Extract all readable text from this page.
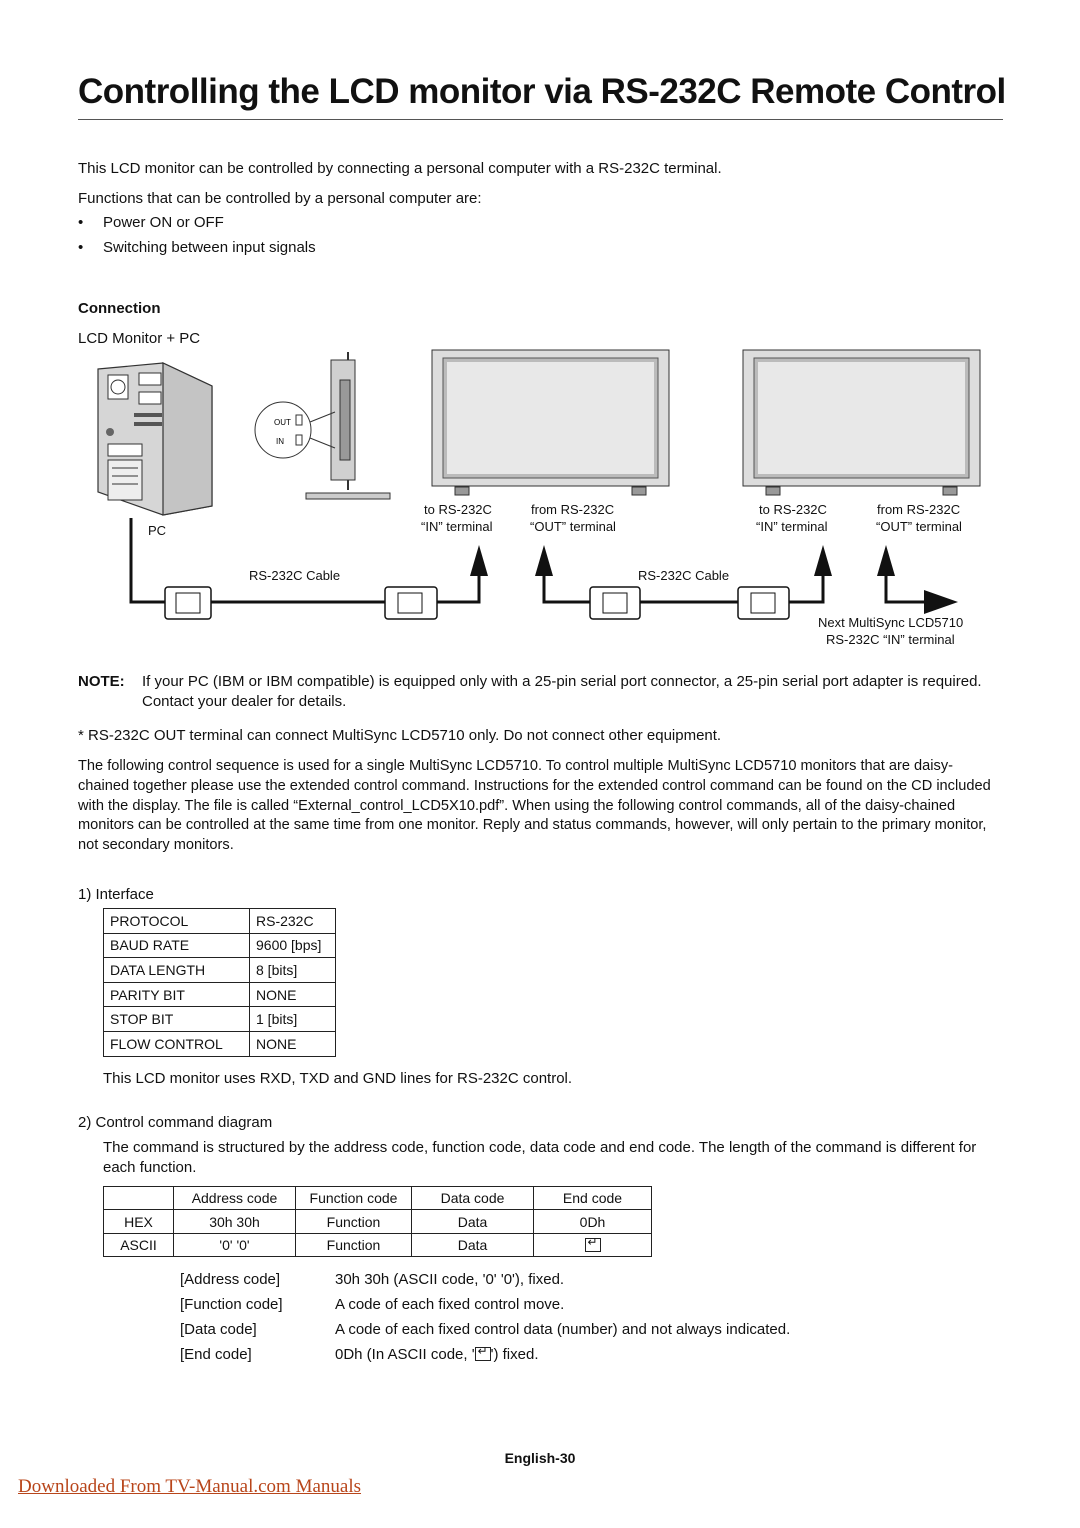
Controlling the LCD monitor via RS-232C Remote Control
This LCD monitor can be controlled by connecting a personal computer with a RS-232C terminal.
Functions that can be controlled by a personal computer are:
• Power ON or OFF
• Switching between input signals
Connection
LCD Monitor + PC
OUT
IN
PC
to RS-232C
“IN” terminal
from RS-232C
“OUT” terminal
to RS-232C
“IN” terminal
from RS-232C
“OUT” terminal
RS-232C Cable	RS-232C Cable
Next MultiSync LCD5710
RS-232C “IN” terminal
NOTE: If your PC (IBM or IBM compatible) is equipped only with a 25-pin serial port connector, a 25-pin serial port adapter is required. Contact your dealer for details.
* RS-232C OUT terminal can connect MultiSync LCD5710 only. Do not connect other equipment.
The following control sequence is used for a single MultiSync LCD5710. To control multiple MultiSync LCD5710 monitors that are daisy-chained together please use the extended control command. Instructions for the extended control command can be found on the CD included with the display. The file is called “External_control_LCD5X10.pdf”. When using the following control commands, all of the daisy-chained monitors can be controlled at the same time from one monitor. Reply and status commands, however, will only pertain to the primary monitor, not secondary monitors.
1) Interface
PROTOCOL	RS-232C
BAUD RATE	9600 [bps]
DATA LENGTH	8 [bits]
PARITY BIT	NONE
STOP BIT	1 [bits]
FLOW CONTROL	NONE
This LCD monitor uses RXD, TXD and GND lines for RS-232C control.
2) Control command diagram
The command is structured by the address code, function code, data code and end code. The length of the command is different for each function.
	Address code	Function code	Data code	End code
HEX	30h 30h	Function	Data	0Dh
ASCII	'0' '0'	Function	Data	↵
[Address code]	30h 30h (ASCII code, '0' '0'), fixed.
[Function code]	A code of each fixed control move.
[Data code]	A code of each fixed control data (number) and not always indicated.
[End code]	0Dh (In ASCII code, ' ↵ ') fixed.
English-30
Downloaded From TV-Manual.com Manuals
